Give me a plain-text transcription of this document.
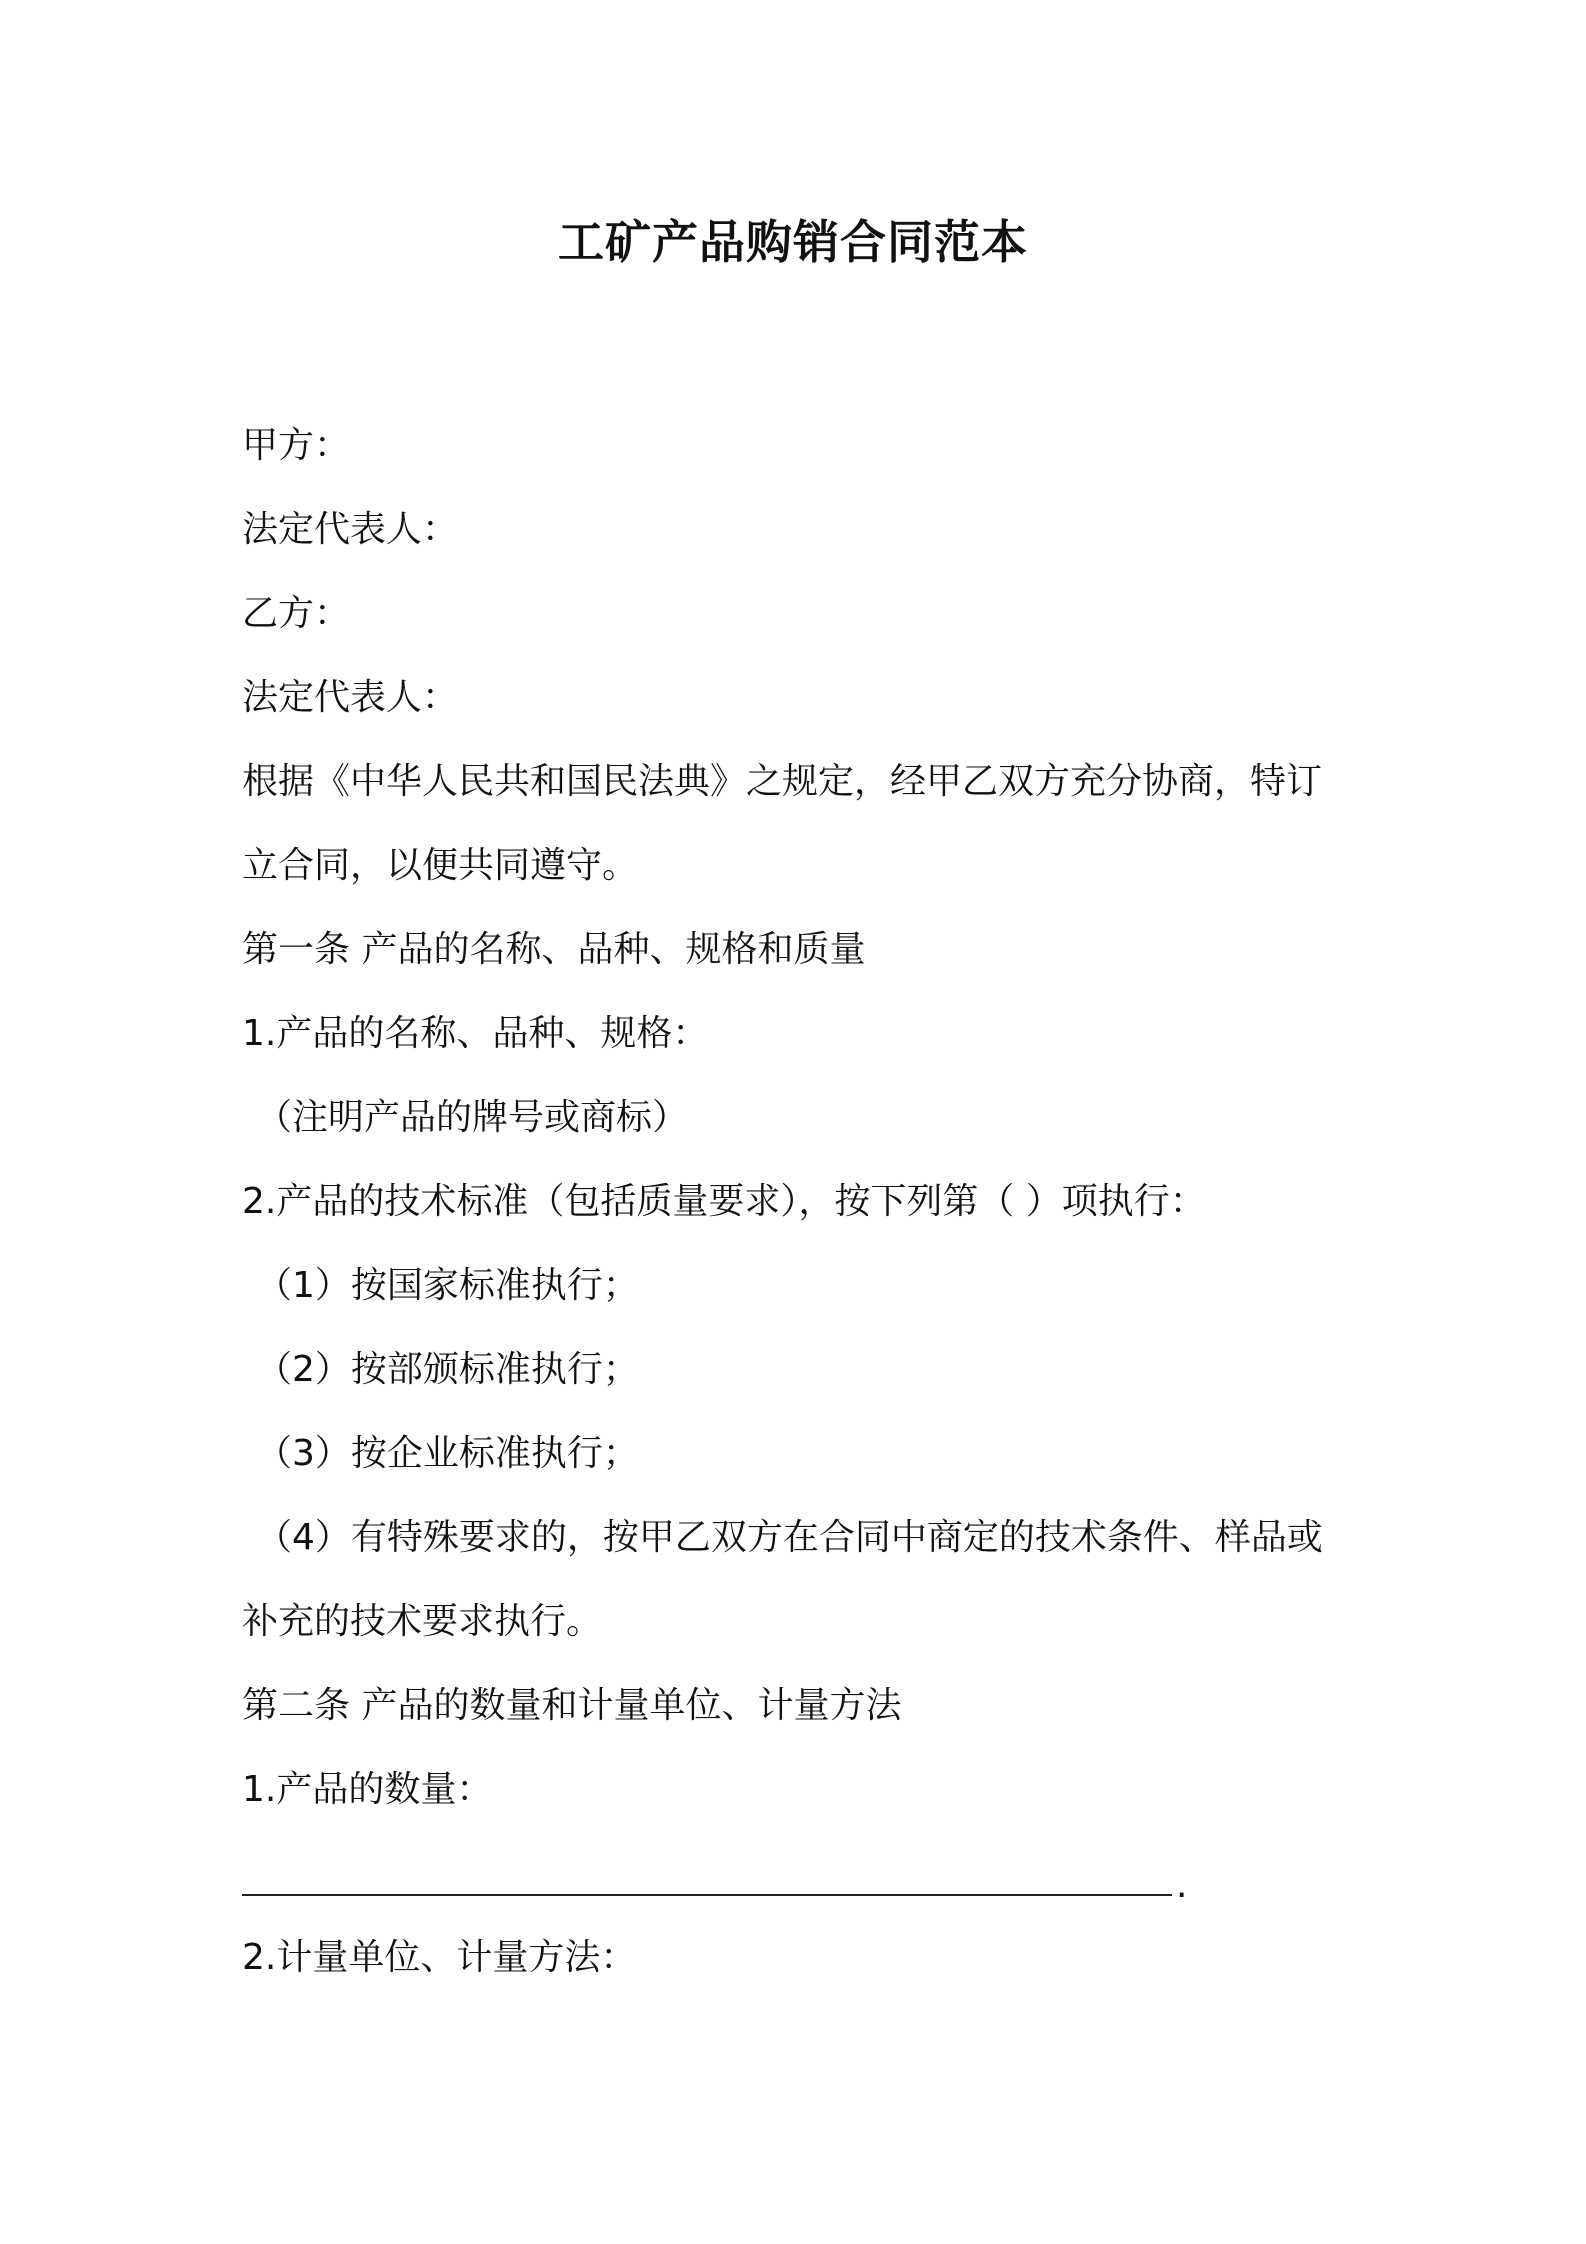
工矿产品购销合同范本
甲方：
法定代表人：
乙方：
法定代表人：
根据《中华人民共和国民法典》之规定，经甲乙双方充分协商，特订
立合同，以便共同遵守。
第一条 产品的名称、品种、规格和质量
1.产品的名称、品种、规格：
（注明产品的牌号或商标）
2.产品的技术标准（包括质量要求），按下列第（ ）项执行：
（1）按国家标准执行；
（2）按部颁标准执行；
（3）按企业标准执行；
（4）有特殊要求的，按甲乙双方在合同中商定的技术条件、样品或
补充的技术要求执行。
第二条 产品的数量和计量单位、计量方法
1.产品的数量：
.
2.计量单位、计量方法：
